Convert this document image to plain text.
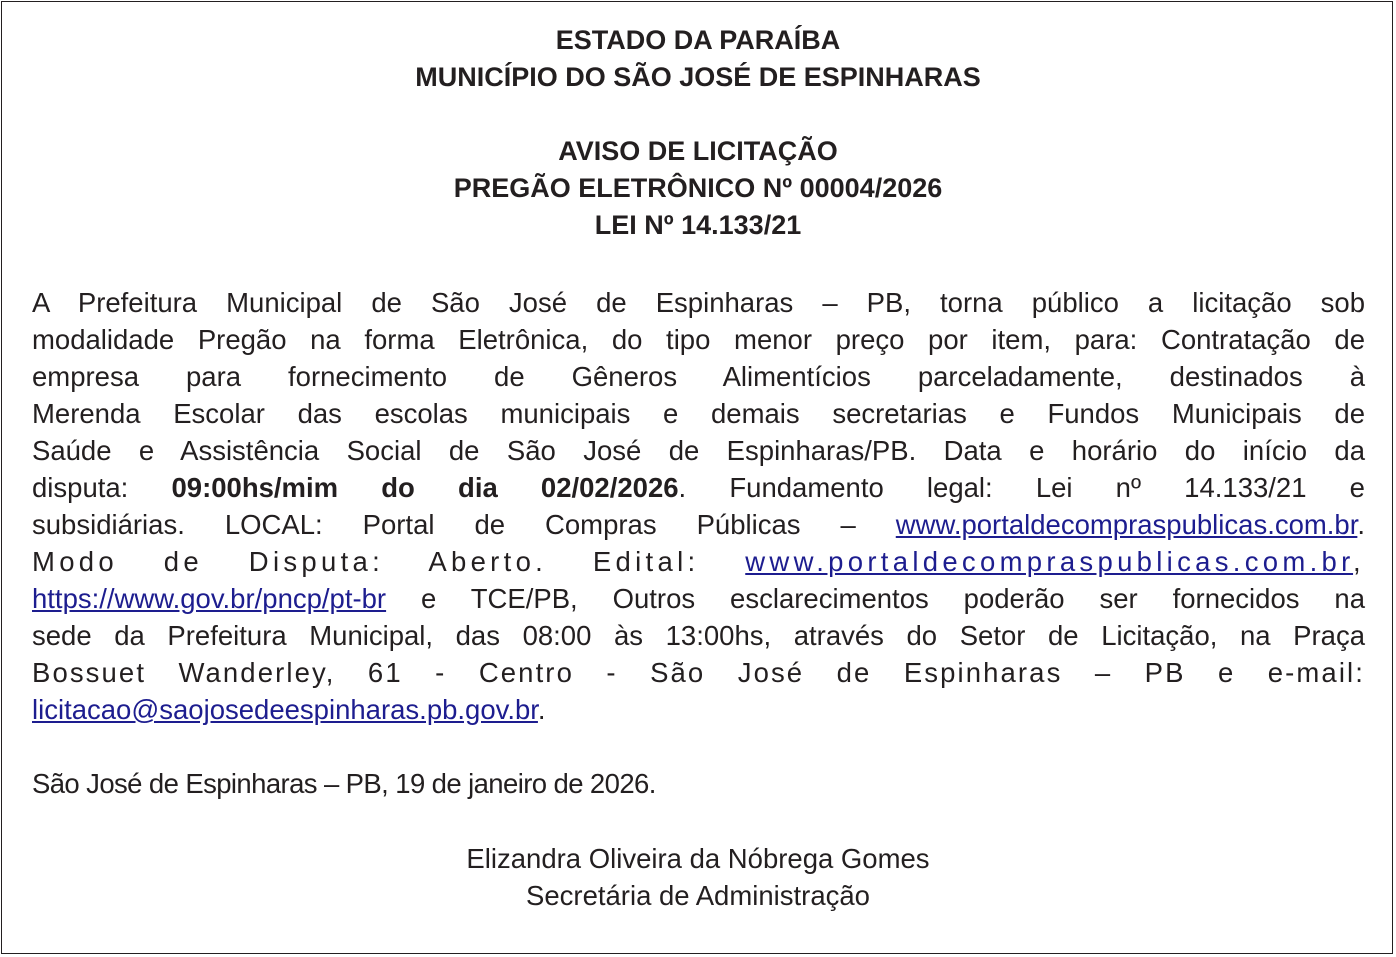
ESTADO DA PARAÍBA
MUNICÍPIO DO SÃO JOSÉ DE ESPINHARAS
AVISO DE LICITAÇÃO
PREGÃO ELETRÔNICO Nº 00004/2026
LEI Nº 14.133/21
A Prefeitura Municipal de São José de Espinharas – PB, torna público a licitação sob
modalidade Pregão na forma Eletrônica, do tipo menor preço por item, para: Contratação de
empresa para fornecimento de Gêneros Alimentícios parceladamente, destinados à
Merenda Escolar das escolas municipais e demais secretarias e Fundos Municipais de
Saúde e Assistência Social de São José de Espinharas/PB. Data e horário do início da
disputa: 09:00hs/mim do dia 02/02/2026. Fundamento legal: Lei nº 14.133/21 e
subsidiárias. LOCAL: Portal de Compras Públicas – www.portaldecompraspublicas.com.br.
Modo de Disputa: Aberto. Edital: www.portaldecompraspublicas.com.br,
https://www.gov.br/pncp/pt-br e TCE/PB, Outros esclarecimentos poderão ser fornecidos na
sede da Prefeitura Municipal, das 08:00 às 13:00hs, através do Setor de Licitação, na Praça
Bossuet Wanderley, 61 - Centro - São José de Espinharas – PB e e-mail:
licitacao@saojosedeespinharas.pb.gov.br.
São José de Espinharas – PB, 19 de janeiro de 2026.
Elizandra Oliveira da Nóbrega Gomes
Secretária de Administração
